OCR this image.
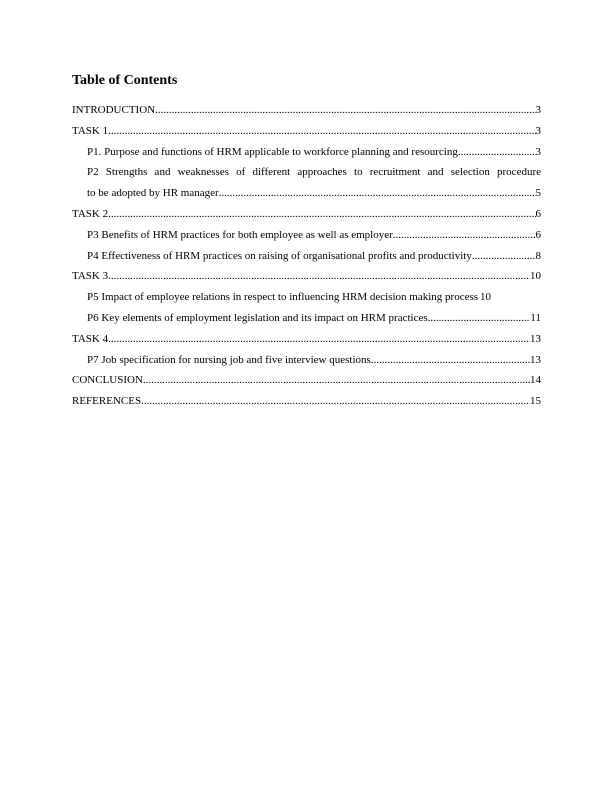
Table of Contents
INTRODUCTION .....	3
TASK 1 .....	3
P1. Purpose and functions of HRM applicable to workforce planning and resourcing .....	3
P2 Strengths and weaknesses of different approaches to recruitment and selection procedure
to be adopted by HR manager .....	5
TASK 2 .....	6
P3 Benefits of HRM practices for both employee as well as employer .....	6
P4 Effectiveness of HRM practices on raising of organisational profits and productivity .....	8
TASK 3 .....	10
P5 Impact of employee relations in respect to influencing HRM decision making process 10
P6 Key elements of employment legislation and its impact on HRM practices .....	11
TASK 4 .....	13
P7 Job specification for nursing job and five interview questions .....	13
CONCLUSION .....	14
REFERENCES .....	15
